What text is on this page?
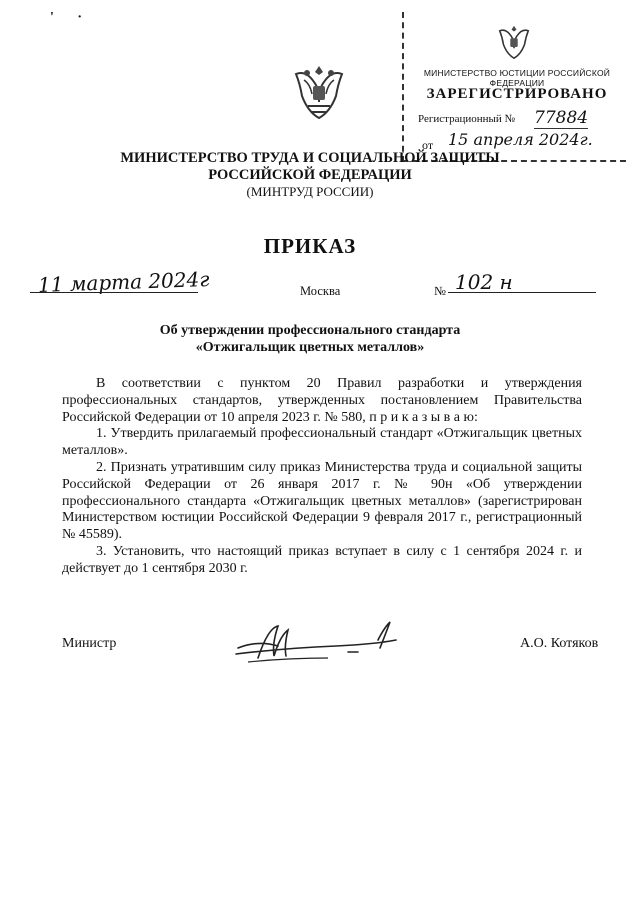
' ·
МИНИСТЕРСТВО ЮСТИЦИИ РОССИЙСКОЙ ФЕДЕРАЦИИ
ЗАРЕГИСТРИРОВАНО
Регистрационный № 77884
от 15 апреля 2024г.
МИНИСТЕРСТВО ТРУДА И СОЦИАЛЬНОЙ ЗАЩИТЫ
РОССИЙСКОЙ ФЕДЕРАЦИИ
(МИНТРУД РОССИИ)
ПРИКАЗ
11 марта 2024г	Москва	№ 102 н
Об утверждении профессионального стандарта
«Отжигальщик цветных металлов»

В соответствии с пунктом 20 Правил разработки и утверждения профессиональных стандартов, утвержденных постановлением Правительства Российской Федерации от 10 апреля 2023 г. № 580, п р и к а з ы в а ю:

1. Утвердить прилагаемый профессиональный стандарт «Отжигальщик цветных металлов».

2. Признать утратившим силу приказ Министерства труда и социальной защиты Российской Федерации от 26 января 2017 г. № 90н «Об утверждении профессионального стандарта «Отжигальщик цветных металлов» (зарегистрирован Министерством юстиции Российской Федерации 9 февраля 2017 г., регистрационный № 45589).

3. Установить, что настоящий приказ вступает в силу с 1 сентября 2024 г. и действует до 1 сентября 2030 г.

Министр	А.О. Котяков
